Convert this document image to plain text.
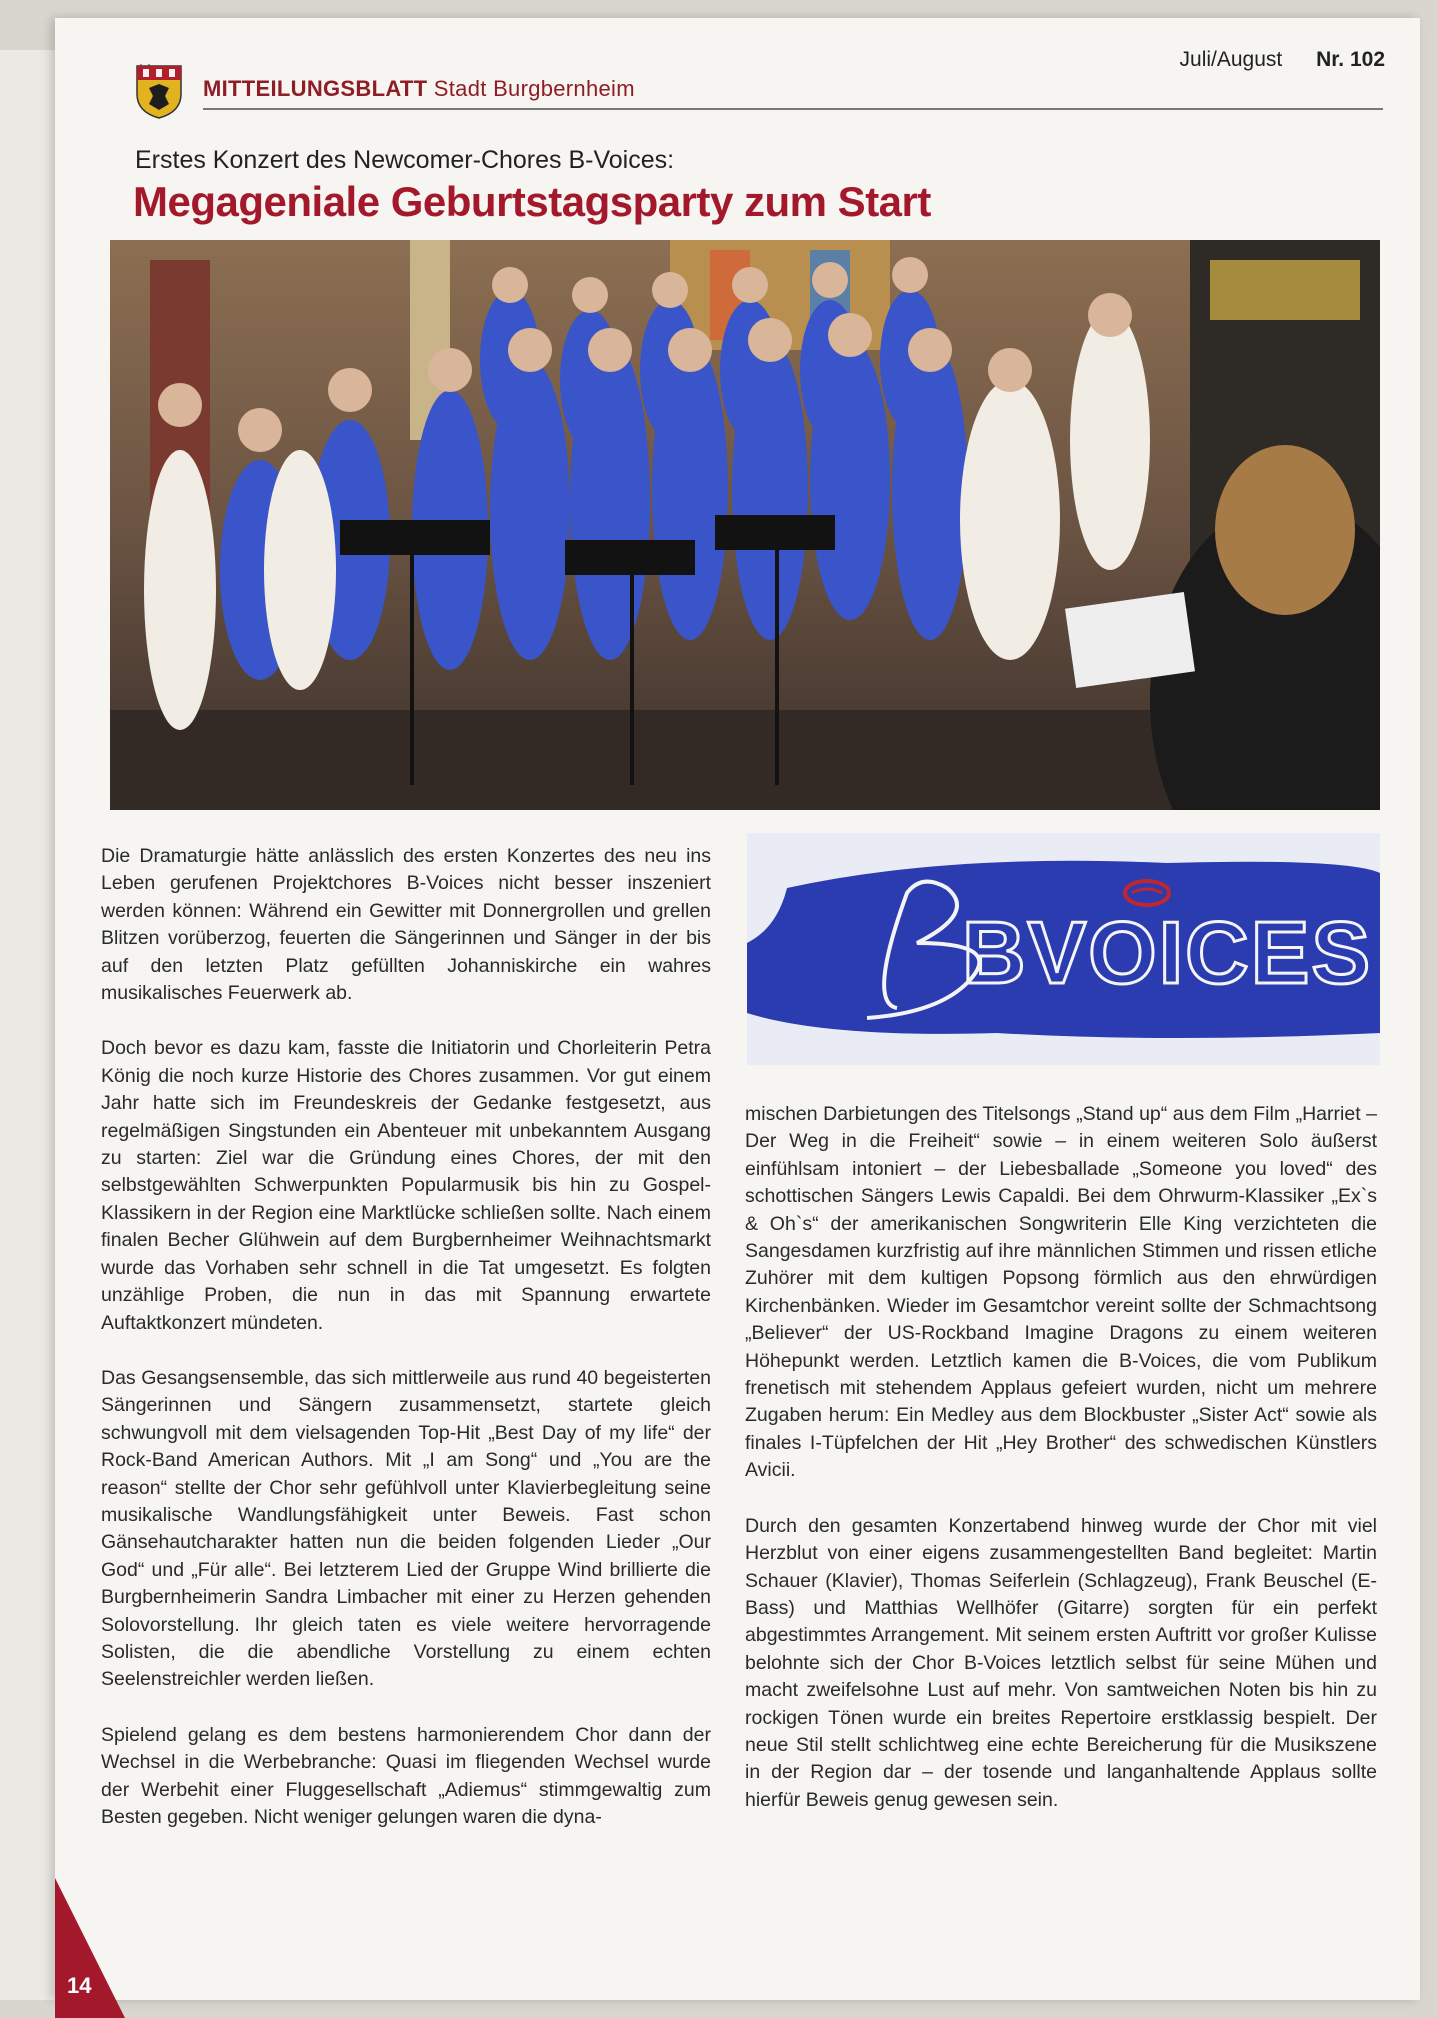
MITTEILUNGSBLATT Stadt Burgbernheim
Juli/August Nr. 102
Erstes Konzert des Newcomer-Chores B-Voices:
Megageniale Geburtstagsparty zum Start
BVOICES

Die Dramaturgie hätte anlässlich des ersten Konzertes des neu ins Leben gerufenen Projektchores B-Voices nicht besser inszeniert werden können: Während ein Gewitter mit Donnergrollen und grellen Blitzen vorüberzog, feuerten die Sängerinnen und Sänger in der bis auf den letzten Platz gefüllten Johanniskirche ein wahres musikalisches Feuerwerk ab.

Doch bevor es dazu kam, fasste die Initiatorin und Chorleiterin Petra König die noch kurze Historie des Chores zusammen. Vor gut einem Jahr hatte sich im Freundeskreis der Gedanke festgesetzt, aus regelmäßigen Singstunden ein Abenteuer mit unbekanntem Ausgang zu starten: Ziel war die Gründung eines Chores, der mit den selbstgewählten Schwerpunkten Popularmusik bis hin zu Gospel-Klassikern in der Region eine Marktlücke schließen sollte. Nach einem finalen Becher Glühwein auf dem Burgbernheimer Weihnachtsmarkt wurde das Vorhaben sehr schnell in die Tat umgesetzt. Es folgten unzählige Proben, die nun in das mit Spannung erwartete Auftaktkonzert mündeten.

Das Gesangsensemble, das sich mittlerweile aus rund 40 begeisterten Sängerinnen und Sängern zusammensetzt, startete gleich schwungvoll mit dem vielsagenden Top-Hit „Best Day of my life“ der Rock-Band American Authors. Mit „I am Song“ und „You are the reason“ stellte der Chor sehr gefühlvoll unter Klavierbegleitung seine musikalische Wandlungsfähigkeit unter Beweis. Fast schon Gänsehautcharakter hatten nun die beiden folgenden Lieder „Our God“ und „Für alle“. Bei letzterem Lied der Gruppe Wind brillierte die Burgbernheimerin Sandra Limbacher mit einer zu Herzen gehenden Solovorstellung. Ihr gleich taten es viele weitere hervorragende Solisten, die die abendliche Vorstellung zu einem echten Seelenstreichler werden ließen.

Spielend gelang es dem bestens harmonierendem Chor dann der Wechsel in die Werbebranche: Quasi im fliegenden Wechsel wurde der Werbehit einer Fluggesellschaft „Adiemus“ stimmgewaltig zum Besten gegeben. Nicht weniger gelungen waren die dyna-

mischen Darbietungen des Titelsongs „Stand up“ aus dem Film „Harriet – Der Weg in die Freiheit“ sowie – in einem weiteren Solo äußerst einfühlsam intoniert – der Liebesballade „Someone you loved“ des schottischen Sängers Lewis Capaldi. Bei dem Ohrwurm-Klassiker „Ex`s & Oh`s“ der amerikanischen Songwriterin Elle King verzichteten die Sangesdamen kurzfristig auf ihre männlichen Stimmen und rissen etliche Zuhörer mit dem kultigen Popsong förmlich aus den ehrwürdigen Kirchenbänken. Wieder im Gesamtchor vereint sollte der Schmachtsong „Believer“ der US-Rockband Imagine Dragons zu einem weiteren Höhepunkt werden. Letztlich kamen die B-Voices, die vom Publikum frenetisch mit stehendem Applaus gefeiert wurden, nicht um mehrere Zugaben herum: Ein Medley aus dem Blockbuster „Sister Act“ sowie als finales I-Tüpfelchen der Hit „Hey Brother“ des schwedischen Künstlers Avicii.

Durch den gesamten Konzertabend hinweg wurde der Chor mit viel Herzblut von einer eigens zusammengestellten Band begleitet: Martin Schauer (Klavier), Thomas Seiferlein (Schlagzeug), Frank Beuschel (E-Bass) und Matthias Wellhöfer (Gitarre) sorgten für ein perfekt abgestimmtes Arrangement. Mit seinem ersten Auftritt vor großer Kulisse belohnte sich der Chor B-Voices letztlich selbst für seine Mühen und macht zweifelsohne Lust auf mehr. Von samtweichen Noten bis hin zu rockigen Tönen wurde ein breites Repertoire erstklassig bespielt. Der neue Stil stellt schlichtweg eine echte Bereicherung für die Musikszene in der Region dar – der tosende und langanhaltende Applaus sollte hierfür Beweis genug gewesen sein.

14
